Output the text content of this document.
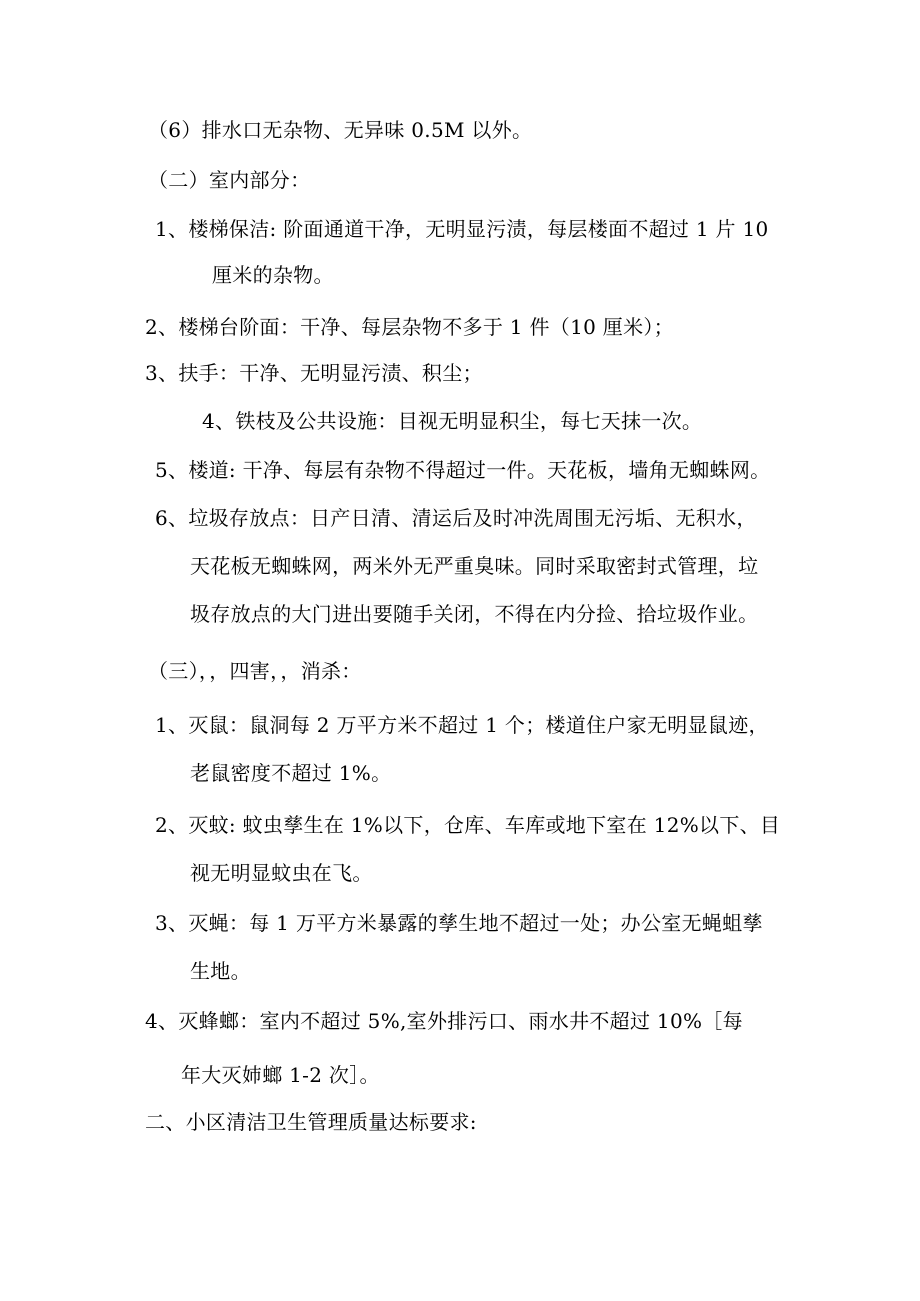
（6）排水口无杂物、无异味 0.5M 以外。
（二）室内部分：
1、楼梯保洁: 阶面通道干净，无明显污渍，每层楼面不超过 1 片 10
厘米的杂物。
2、楼梯台阶面：干净、每层杂物不多于 1 件（10 厘米）；
3、扶手：干净、无明显污渍、积尘；
4、铁枝及公共设施：目视无明显积尘，每七天抹一次。
5、楼道: 干净、每层有杂物不得超过一件。天花板，墙角无蜘蛛网。
6、垃圾存放点：日产日清、清运后及时冲洗周围无污垢、无积水，
天花板无蜘蛛网，两米外无严重臭味。同时采取密封式管理，垃
圾存放点的大门进出要随手关闭，不得在内分捡、拾垃圾作业。
（三），，四害，，消杀：
1、灭鼠：鼠洞每 2 万平方米不超过 1 个；楼道住户家无明显鼠迹，
老鼠密度不超过 1%。
2、灭蚊: 蚊虫孳生在 1%以下，仓库、车库或地下室在 12%以下、目
视无明显蚊虫在飞。
3、灭蝇：每 1 万平方米暴露的孳生地不超过一处；办公室无蝇蛆孳
生地。
4、灭蜂螂：室内不超过 5%,室外排污口、雨水井不超过 10%［每
年大灭姉螂 1-2 次］。
二、小区清洁卫生管理质量达标要求:
